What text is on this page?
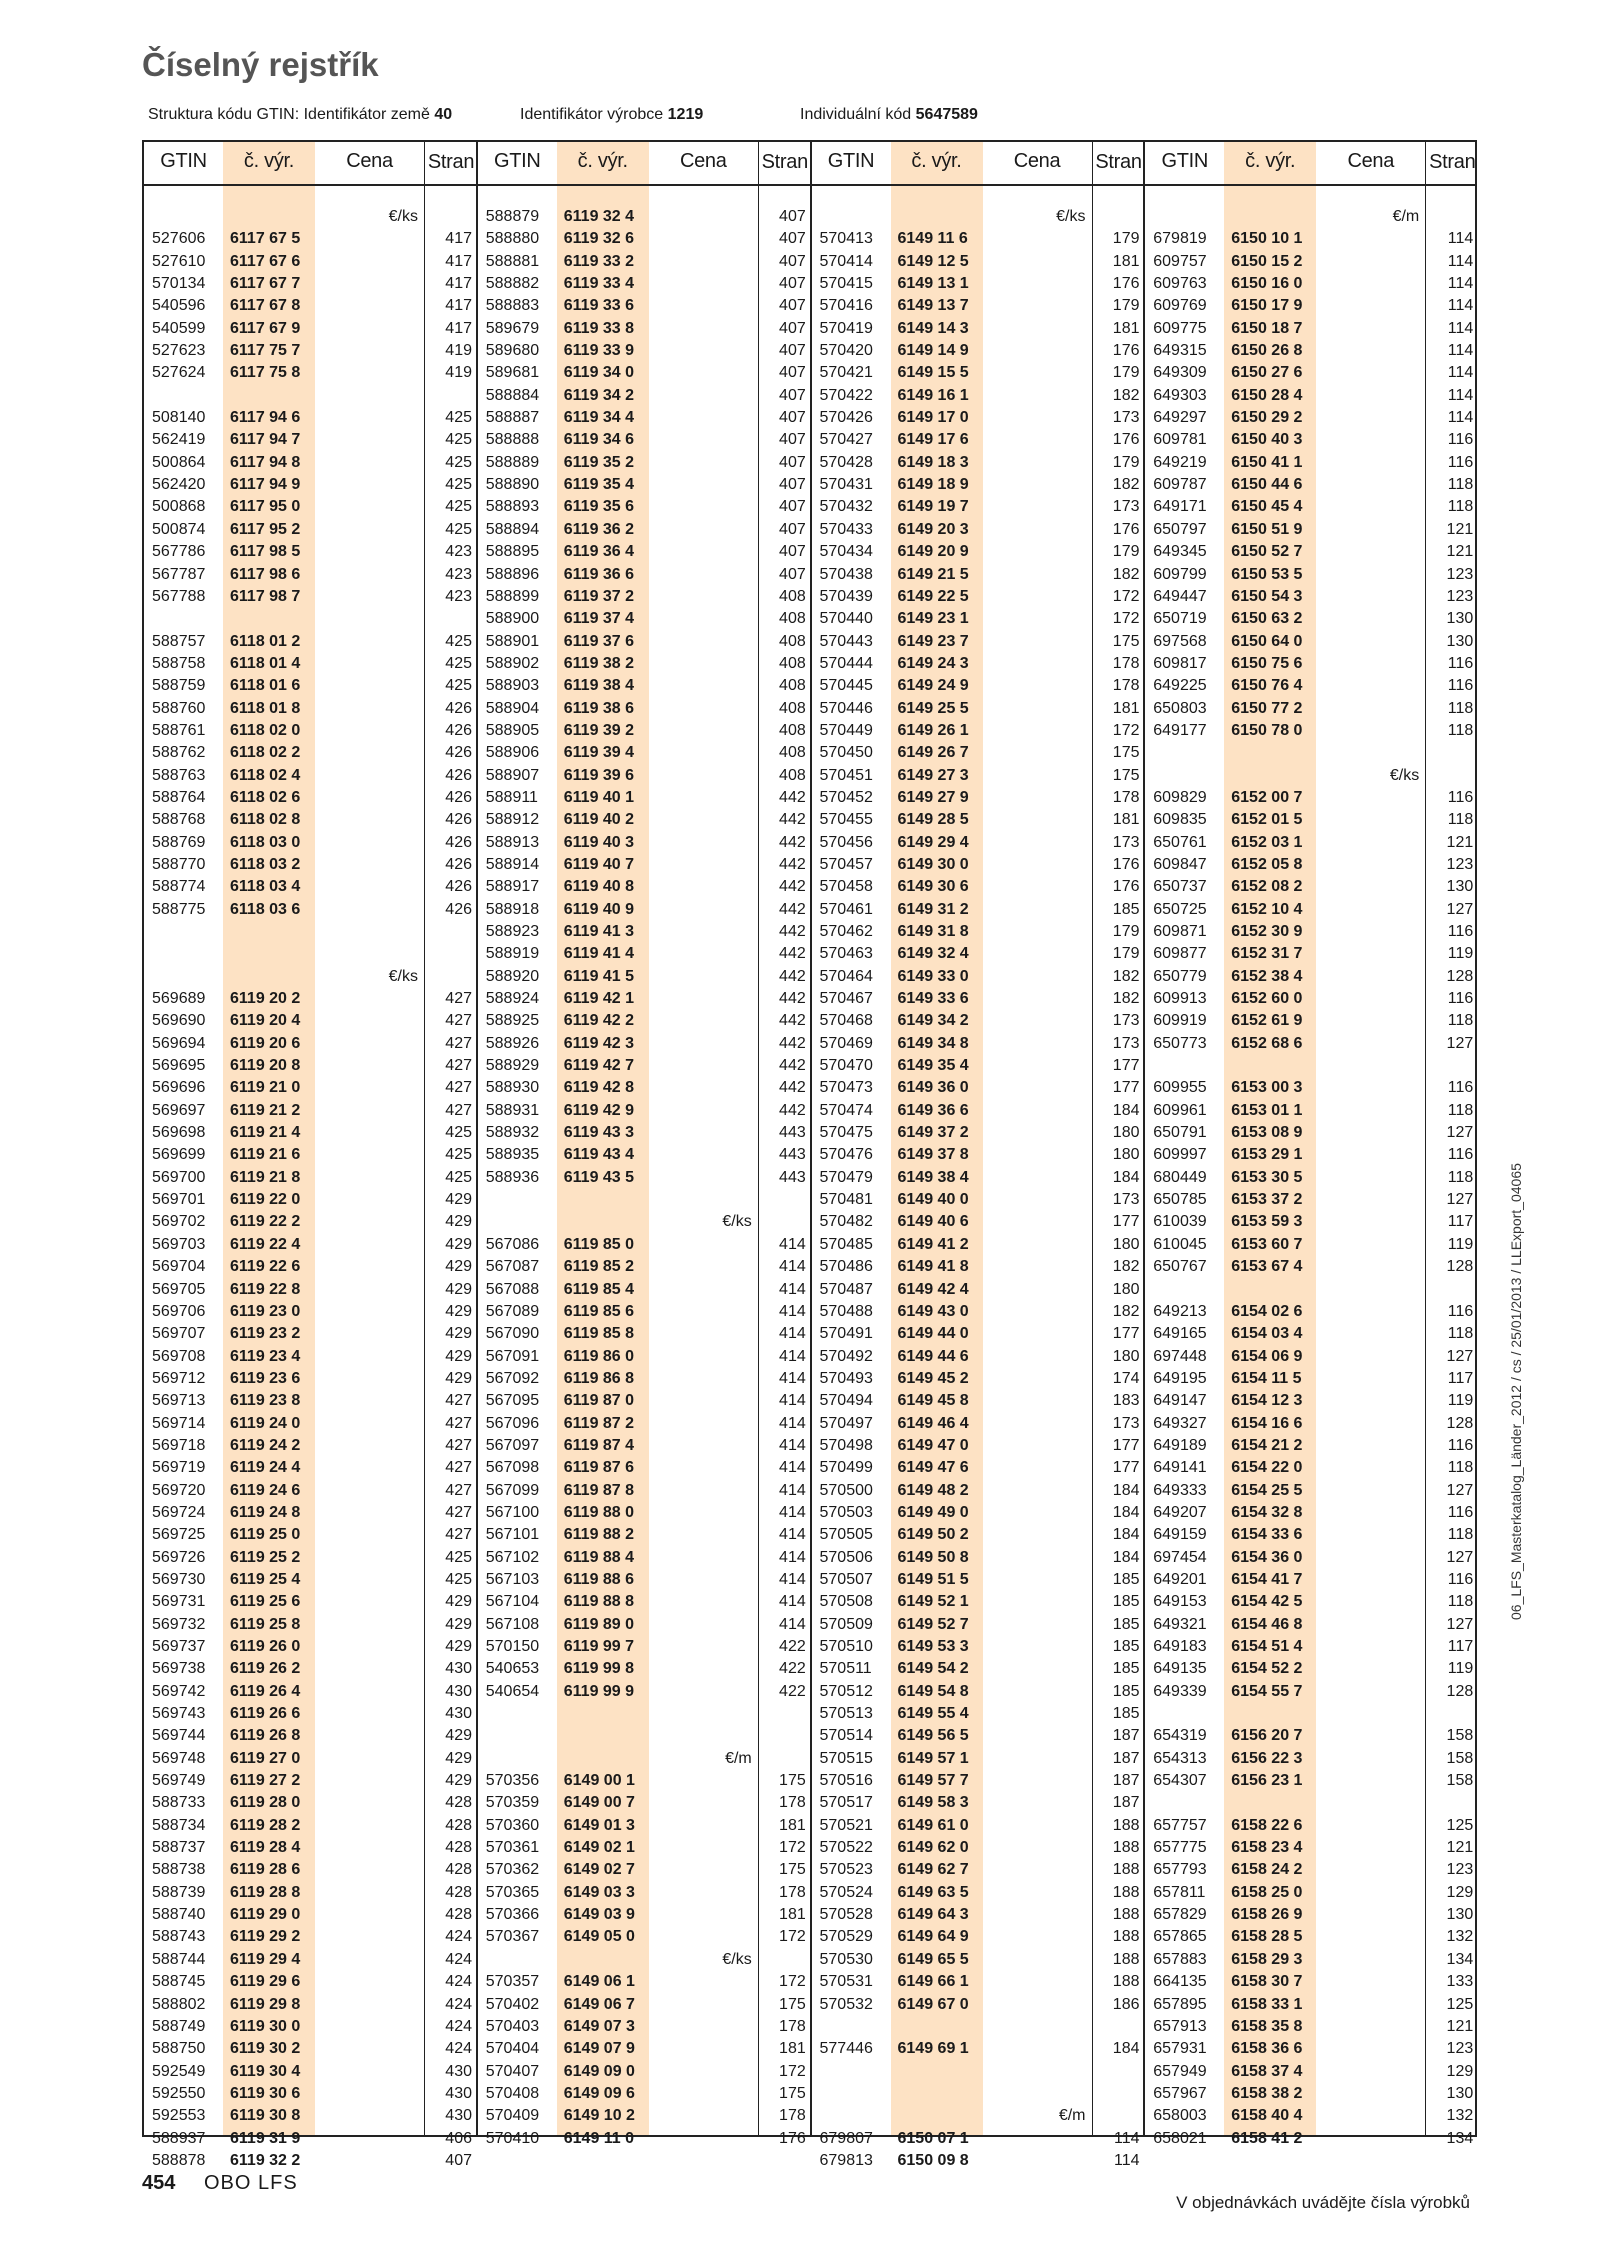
Číselný rejstřík
Struktura kódu GTIN: Identifikátor země 40	Identifikátor výrobce 1219	Individuální kód 5647589
GTIN	č. výr.	Cena	Stran
€/ks
527606 6117 67 5	417
527610 6117 67 6	417
570134 6117 67 7	417
540596 6117 67 8	417
540599 6117 67 9	417
527623 6117 75 7	419
527624 6117 75 8	419
508140 6117 94 6	425
562419 6117 94 7	425
500864 6117 94 8	425
562420 6117 94 9	425
500868 6117 95 0	425
500874 6117 95 2	425
567786 6117 98 5	423
567787 6117 98 6	423
567788 6117 98 7	423
588757 6118 01 2	425
588758 6118 01 4	425
588759 6118 01 6	425
588760 6118 01 8	426
588761 6118 02 0	426
588762 6118 02 2	426
588763 6118 02 4	426
588764 6118 02 6	426
588768 6118 02 8	426
588769 6118 03 0	426
588770 6118 03 2	426
588774 6118 03 4	426
588775 6118 03 6	426
€/ks
569689 6119 20 2	427
569690 6119 20 4	427
569694 6119 20 6	427
569695 6119 20 8	427
569696 6119 21 0	427
569697 6119 21 2	427
569698 6119 21 4	425
569699 6119 21 6	425
569700 6119 21 8	425
569701 6119 22 0	429
569702 6119 22 2	429
569703 6119 22 4	429
569704 6119 22 6	429
569705 6119 22 8	429
569706 6119 23 0	429
569707 6119 23 2	429
569708 6119 23 4	429
569712 6119 23 6	429
569713 6119 23 8	427
569714 6119 24 0	427
569718 6119 24 2	427
569719 6119 24 4	427
569720 6119 24 6	427
569724 6119 24 8	427
569725 6119 25 0	427
569726 6119 25 2	425
569730 6119 25 4	425
569731 6119 25 6	429
569732 6119 25 8	429
569737 6119 26 0	429
569738 6119 26 2	430
569742 6119 26 4	430
569743 6119 26 6	430
569744 6119 26 8	429
569748 6119 27 0	429
569749 6119 27 2	429
588733 6119 28 0	428
588734 6119 28 2	428
588737 6119 28 4	428
588738 6119 28 6	428
588739 6119 28 8	428
588740 6119 29 0	428
588743 6119 29 2	424
588744 6119 29 4	424
588745 6119 29 6	424
588802 6119 29 8	424
588749 6119 30 0	424
588750 6119 30 2	424
592549 6119 30 4	430
592550 6119 30 6	430
592553 6119 30 8	430
588937 6119 31 9	406
588878 6119 32 2	407
GTIN	č. výr.	Cena	Stran
588879 6119 32 4	407
588880 6119 32 6	407
588881 6119 33 2	407
588882 6119 33 4	407
588883 6119 33 6	407
589679 6119 33 8	407
589680 6119 33 9	407
589681 6119 34 0	407
588884 6119 34 2	407
588887 6119 34 4	407
588888 6119 34 6	407
588889 6119 35 2	407
588890 6119 35 4	407
588893 6119 35 6	407
588894 6119 36 2	407
588895 6119 36 4	407
588896 6119 36 6	407
588899 6119 37 2	408
588900 6119 37 4	408
588901 6119 37 6	408
588902 6119 38 2	408
588903 6119 38 4	408
588904 6119 38 6	408
588905 6119 39 2	408
588906 6119 39 4	408
588907 6119 39 6	408
588911 6119 40 1	442
588912 6119 40 2	442
588913 6119 40 3	442
588914 6119 40 7	442
588917 6119 40 8	442
588918 6119 40 9	442
588923 6119 41 3	442
588919 6119 41 4	442
588920 6119 41 5	442
588924 6119 42 1	442
588925 6119 42 2	442
588926 6119 42 3	442
588929 6119 42 7	442
588930 6119 42 8	442
588931 6119 42 9	442
588932 6119 43 3	443
588935 6119 43 4	443
588936 6119 43 5	443
€/ks
567086 6119 85 0	414
567087 6119 85 2	414
567088 6119 85 4	414
567089 6119 85 6	414
567090 6119 85 8	414
567091 6119 86 0	414
567092 6119 86 8	414
567095 6119 87 0	414
567096 6119 87 2	414
567097 6119 87 4	414
567098 6119 87 6	414
567099 6119 87 8	414
567100 6119 88 0	414
567101 6119 88 2	414
567102 6119 88 4	414
567103 6119 88 6	414
567104 6119 88 8	414
567108 6119 89 0	414
570150 6119 99 7	422
540653 6119 99 8	422
540654 6119 99 9	422
€/m
570356 6149 00 1	175
570359 6149 00 7	178
570360 6149 01 3	181
570361 6149 02 1	172
570362 6149 02 7	175
570365 6149 03 3	178
570366 6149 03 9	181
570367 6149 05 0	172
€/ks
570357 6149 06 1	172
570402 6149 06 7	175
570403 6149 07 3	178
570404 6149 07 9	181
570407 6149 09 0	172
570408 6149 09 6	175
570409 6149 10 2	178
570410 6149 11 0	176
GTIN	č. výr.	Cena	Stran
€/ks
570413 6149 11 6	179
570414 6149 12 5	181
570415 6149 13 1	176
570416 6149 13 7	179
570419 6149 14 3	181
570420 6149 14 9	176
570421 6149 15 5	179
570422 6149 16 1	182
570426 6149 17 0	173
570427 6149 17 6	176
570428 6149 18 3	179
570431 6149 18 9	182
570432 6149 19 7	173
570433 6149 20 3	176
570434 6149 20 9	179
570438 6149 21 5	182
570439 6149 22 5	172
570440 6149 23 1	172
570443 6149 23 7	175
570444 6149 24 3	178
570445 6149 24 9	178
570446 6149 25 5	181
570449 6149 26 1	172
570450 6149 26 7	175
570451 6149 27 3	175
570452 6149 27 9	178
570455 6149 28 5	181
570456 6149 29 4	173
570457 6149 30 0	176
570458 6149 30 6	176
570461 6149 31 2	185
570462 6149 31 8	179
570463 6149 32 4	179
570464 6149 33 0	182
570467 6149 33 6	182
570468 6149 34 2	173
570469 6149 34 8	173
570470 6149 35 4	177
570473 6149 36 0	177
570474 6149 36 6	184
570475 6149 37 2	180
570476 6149 37 8	180
570479 6149 38 4	184
570481 6149 40 0	173
570482 6149 40 6	177
570485 6149 41 2	180
570486 6149 41 8	182
570487 6149 42 4	180
570488 6149 43 0	182
570491 6149 44 0	177
570492 6149 44 6	180
570493 6149 45 2	174
570494 6149 45 8	183
570497 6149 46 4	173
570498 6149 47 0	177
570499 6149 47 6	177
570500 6149 48 2	184
570503 6149 49 0	184
570505 6149 50 2	184
570506 6149 50 8	184
570507 6149 51 5	185
570508 6149 52 1	185
570509 6149 52 7	185
570510 6149 53 3	185
570511 6149 54 2	185
570512 6149 54 8	185
570513 6149 55 4	185
570514 6149 56 5	187
570515 6149 57 1	187
570516 6149 57 7	187
570517 6149 58 3	187
570521 6149 61 0	188
570522 6149 62 0	188
570523 6149 62 7	188
570524 6149 63 5	188
570528 6149 64 3	188
570529 6149 64 9	188
570530 6149 65 5	188
570531 6149 66 1	188
570532 6149 67 0	186
577446 6149 69 1	184
€/m
679807 6150 07 1	114
679813 6150 09 8	114
GTIN	č. výr.	Cena	Stran
€/m
679819 6150 10 1	114
609757 6150 15 2	114
609763 6150 16 0	114
609769 6150 17 9	114
609775 6150 18 7	114
649315 6150 26 8	114
649309 6150 27 6	114
649303 6150 28 4	114
649297 6150 29 2	114
609781 6150 40 3	116
649219 6150 41 1	116
609787 6150 44 6	118
649171 6150 45 4	118
650797 6150 51 9	121
649345 6150 52 7	121
609799 6150 53 5	123
649447 6150 54 3	123
650719 6150 63 2	130
697568 6150 64 0	130
609817 6150 75 6	116
649225 6150 76 4	116
650803 6150 77 2	118
649177 6150 78 0	118
€/ks
609829 6152 00 7	116
609835 6152 01 5	118
650761 6152 03 1	121
609847 6152 05 8	123
650737 6152 08 2	130
650725 6152 10 4	127
609871 6152 30 9	116
609877 6152 31 7	119
650779 6152 38 4	128
609913 6152 60 0	116
609919 6152 61 9	118
650773 6152 68 6	127
609955 6153 00 3	116
609961 6153 01 1	118
650791 6153 08 9	127
609997 6153 29 1	116
680449 6153 30 5	118
650785 6153 37 2	127
610039 6153 59 3	117
610045 6153 60 7	119
650767 6153 67 4	128
649213 6154 02 6	116
649165 6154 03 4	118
697448 6154 06 9	127
649195 6154 11 5	117
649147 6154 12 3	119
649327 6154 16 6	128
649189 6154 21 2	116
649141 6154 22 0	118
649333 6154 25 5	127
649207 6154 32 8	116
649159 6154 33 6	118
697454 6154 36 0	127
649201 6154 41 7	116
649153 6154 42 5	118
649321 6154 46 8	127
649183 6154 51 4	117
649135 6154 52 2	119
649339 6154 55 7	128
654319 6156 20 7	158
654313 6156 22 3	158
654307 6156 23 1	158
657757 6158 22 6	125
657775 6158 23 4	121
657793 6158 24 2	123
657811 6158 25 0	129
657829 6158 26 9	130
657865 6158 28 5	132
657883 6158 29 3	134
664135 6158 30 7	133
657895 6158 33 1	125
657913 6158 35 8	121
657931 6158 36 6	123
657949 6158 37 4	129
657967 6158 38 2	130
658003 6158 40 4	132
658021 6158 41 2	134
06_LFS_Masterkatalog_Länder_2012 / cs / 25/01/2013 / LLExport_04065
454 OBO LFS
V objednávkách uvádějte čísla výrobků
